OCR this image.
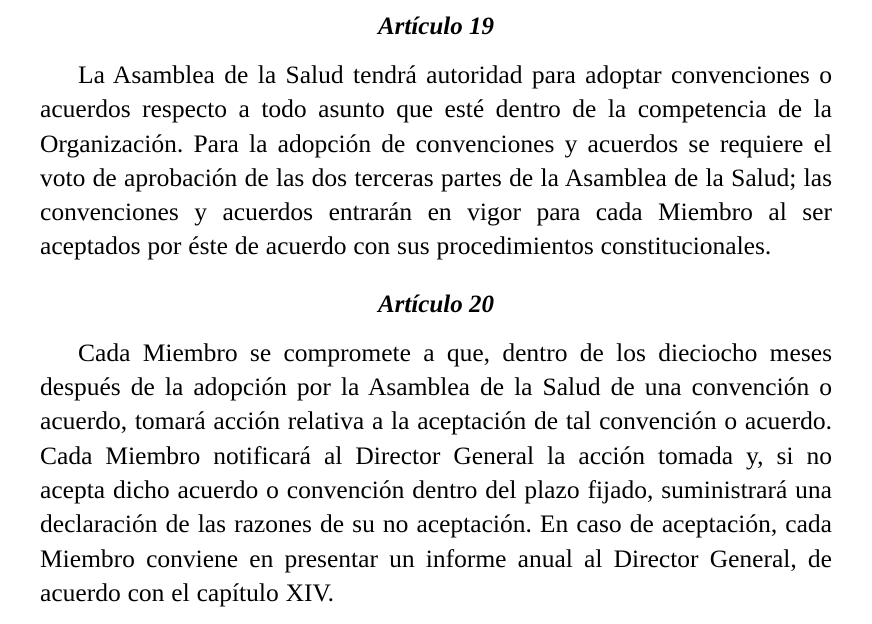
Artículo 19

La Asamblea de la Salud tendrá autoridad para adoptar convenciones o acuerdos respecto a todo asunto que esté dentro de la competencia de la Organización. Para la adopción de convenciones y acuerdos se requiere el voto de aprobación de las dos terceras partes de la Asamblea de la Salud; las convenciones y acuerdos entrarán en vigor para cada Miembro al ser aceptados por éste de acuerdo con sus procedimientos constitucionales.

Artículo 20

Cada Miembro se compromete a que, dentro de los dieciocho meses después de la adopción por la Asamblea de la Salud de una convención o acuerdo, tomará acción relativa a la aceptación de tal convención o acuerdo. Cada Miembro notificará al Director General la acción tomada y, si no acepta dicho acuerdo o convención dentro del plazo fijado, suministrará una declaración de las razones de su no aceptación. En caso de aceptación, cada Miembro conviene en presentar un informe anual al Director General, de acuerdo con el capítulo XIV.
